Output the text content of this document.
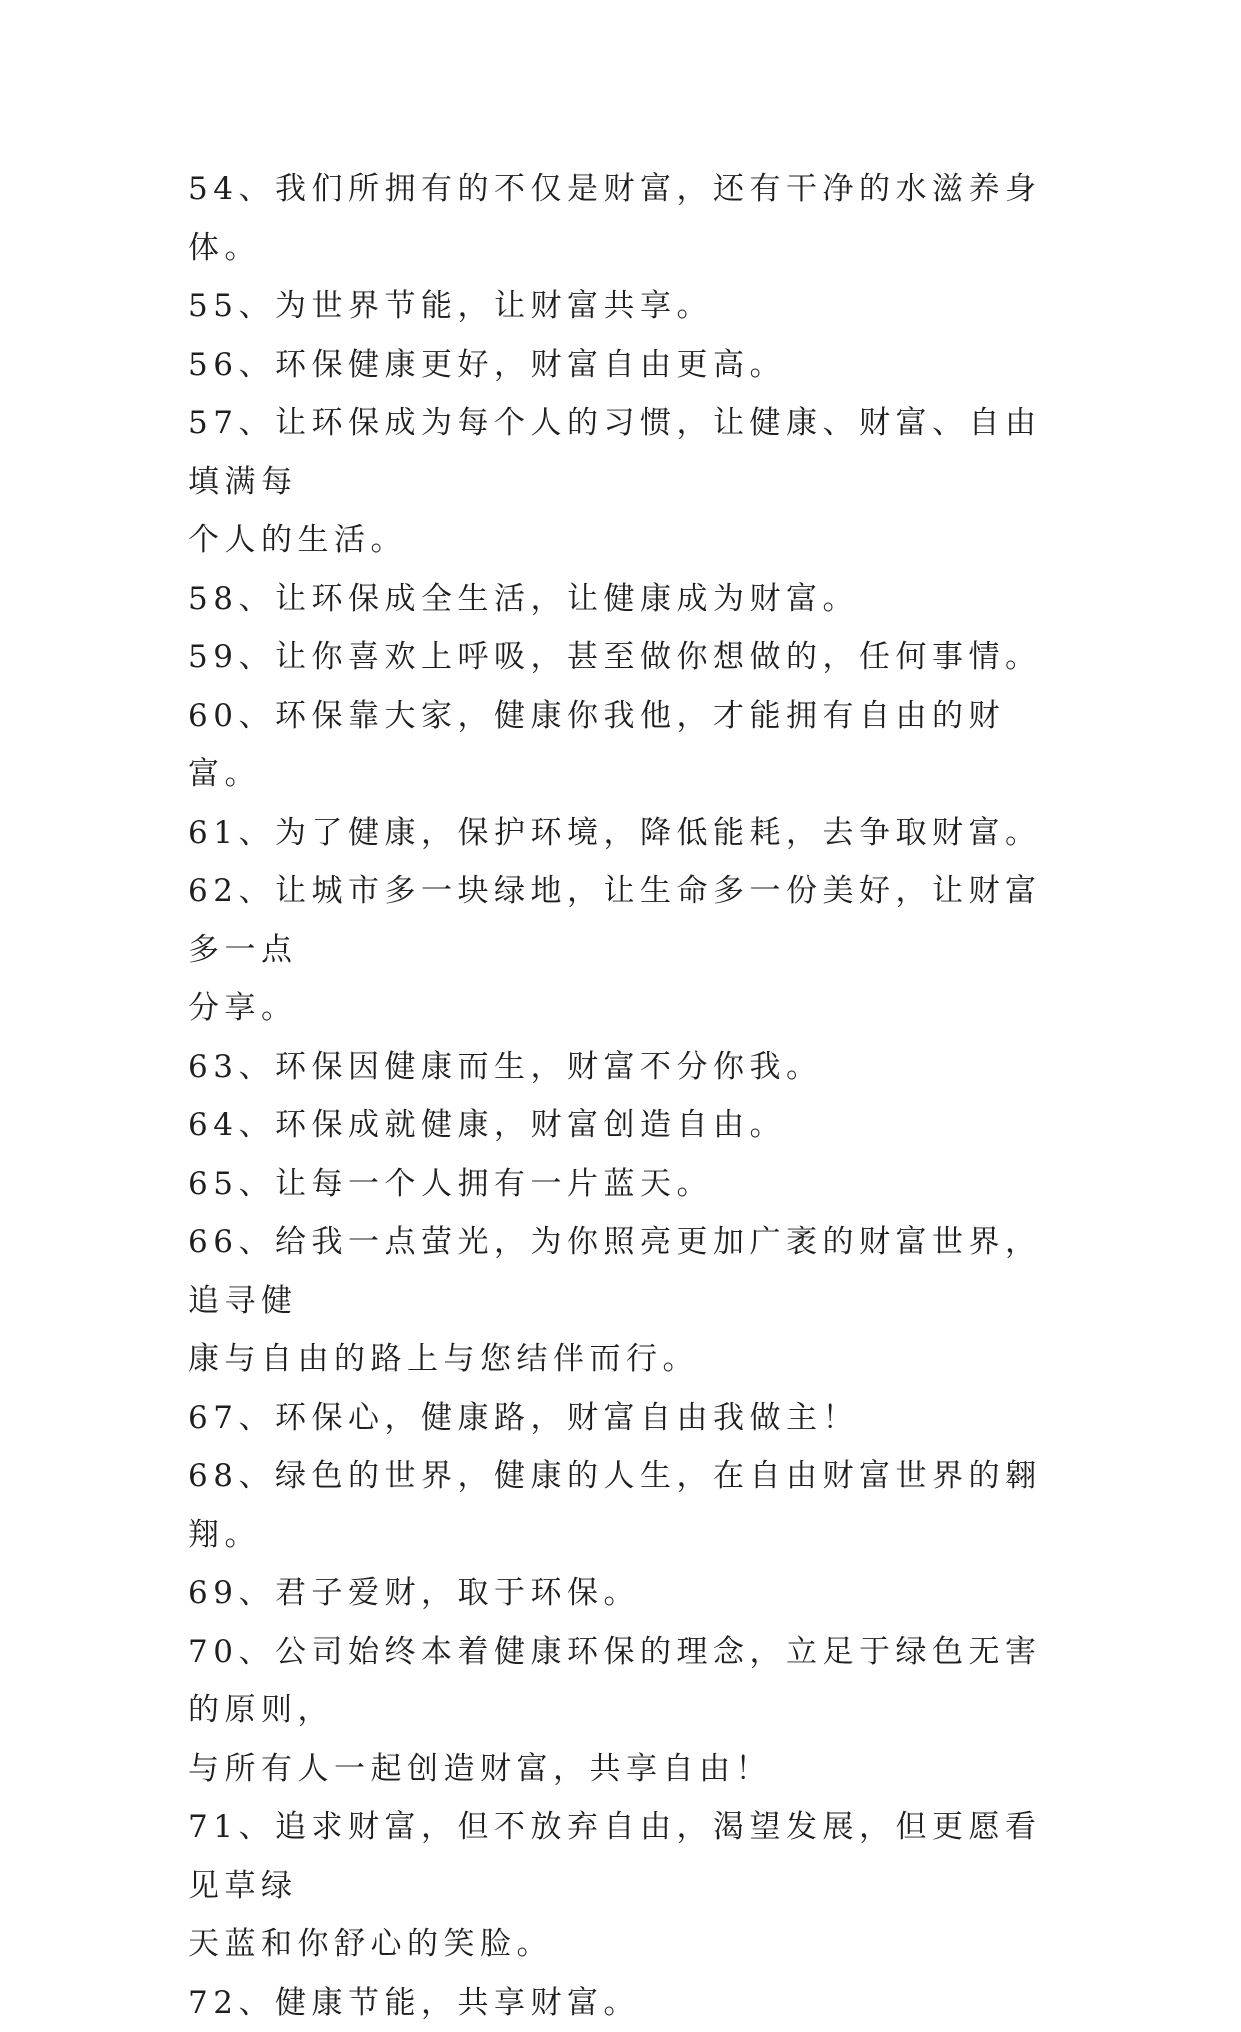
54、我们所拥有的不仅是财富，还有干净的水滋养身体。

55、为世界节能，让财富共享。

56、环保健康更好，财富自由更高。

57、让环保成为每个人的习惯，让健康、财富、自由填满每
个人的生活。

58、让环保成全生活，让健康成为财富。

59、让你喜欢上呼吸，甚至做你想做的，任何事情。

60、环保靠大家，健康你我他，才能拥有自由的财富。

61、为了健康，保护环境，降低能耗，去争取财富。

62、让城市多一块绿地，让生命多一份美好，让财富多一点
分享。

63、环保因健康而生，财富不分你我。

64、环保成就健康，财富创造自由。

65、让每一个人拥有一片蓝天。

66、给我一点萤光，为你照亮更加广袤的财富世界，追寻健
康与自由的路上与您结伴而行。

67、环保心，健康路，财富自由我做主！

68、绿色的世界，健康的人生，在自由财富世界的翱翔。

69、君子爱财，取于环保。

70、公司始终本着健康环保的理念，立足于绿色无害的原则，
与所有人一起创造财富，共享自由！

71、追求财富，但不放弃自由，渴望发展，但更愿看见草绿
天蓝和你舒心的笑脸。

72、健康节能，共享财富。
